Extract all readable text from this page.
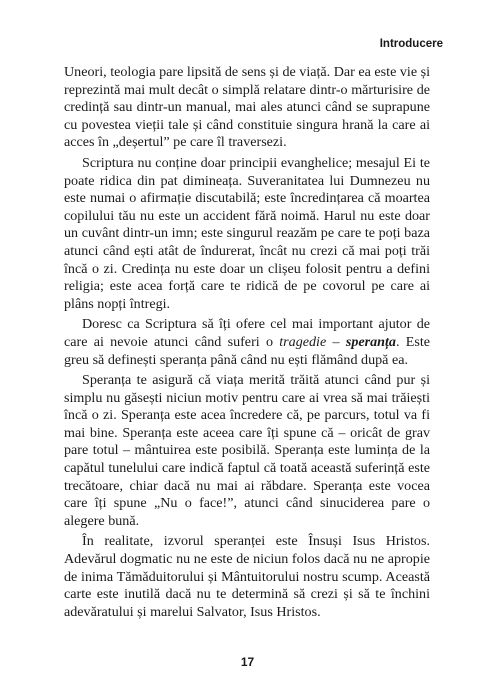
Introducere

Uneori, teologia pare lipsită de sens și de viață. Dar ea este vie și reprezintă mai mult decât o simplă relatare dintr-o mărturisire de credință sau dintr-un manual, mai ales atunci când se suprapune cu povestea vieții tale și când constituie singura hrană la care ai acces în „deșertul” pe care îl traversezi.

Scriptura nu conține doar principii evanghelice; mesajul Ei te poate ridica din pat dimineața. Suveranitatea lui Dumnezeu nu este numai o afirmație discutabilă; este încredințarea că moartea copilului tău nu este un accident fără noimă. Harul nu este doar un cuvânt dintr-un imn; este singurul reazăm pe care te poți baza atunci când ești atât de îndurerat, încât nu crezi că mai poți trăi încă o zi. Credința nu este doar un clișeu folosit pentru a defini religia; este acea forță care te ridică de pe covorul pe care ai plâns nopți întregi.

Doresc ca Scriptura să îți ofere cel mai important ajutor de care ai nevoie atunci când suferi o tragedie – speranța. Este greu să definești speranța până când nu ești flămând după ea.

Speranța te asigură că viața merită trăită atunci când pur și simplu nu găsești niciun motiv pentru care ai vrea să mai trăiești încă o zi. Speranța este acea încredere că, pe parcurs, totul va fi mai bine. Speranța este aceea care îți spune că – oricât de grav pare totul – mântuirea este posibilă. Speranța este lumința de la capătul tunelului care indică faptul că toată această suferință este trecătoare, chiar dacă nu mai ai răbdare. Speranța este vocea care îți spune „Nu o face!”, atunci când sinuciderea pare o alegere bună.

În realitate, izvorul speranței este Însuși Isus Hristos. Adevărul dogmatic nu ne este de niciun folos dacă nu ne apropie de inima Tămăduitorului și Mântuitorului nostru scump. Această carte este inutilă dacă nu te determină să crezi și să te închini adevăratului și marelui Salvator, Isus Hristos.

17
